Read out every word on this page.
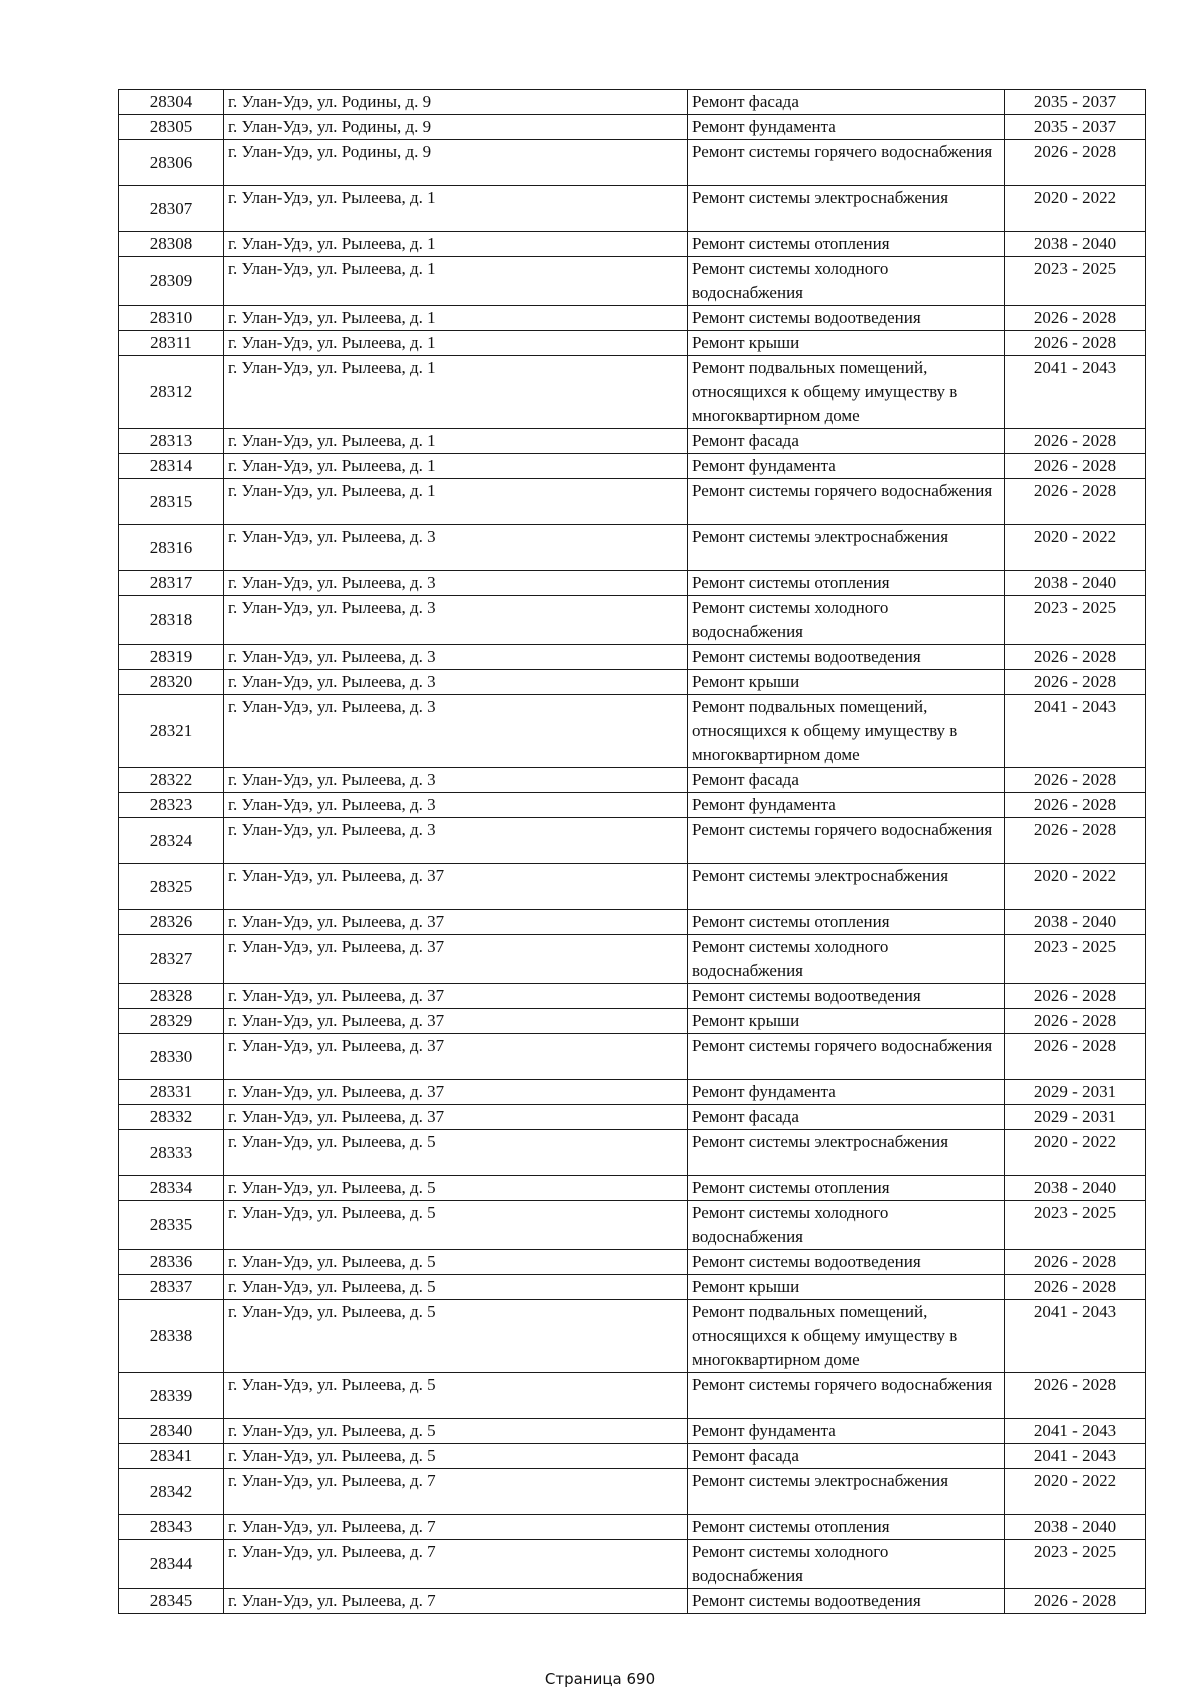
28304	г. Улан-Удэ, ул. Родины, д. 9	Ремонт фасада	2035 - 2037
28305	г. Улан-Удэ, ул. Родины, д. 9	Ремонт фундамента	2035 - 2037
28306	г. Улан-Удэ, ул. Родины, д. 9	Ремонт системы горячего водоснабжения	2026 - 2028
28307	г. Улан-Удэ, ул. Рылеева, д. 1	Ремонт системы электроснабжения	2020 - 2022
28308	г. Улан-Удэ, ул. Рылеева, д. 1	Ремонт системы отопления	2038 - 2040
28309	г. Улан-Удэ, ул. Рылеева, д. 1	Ремонт системы холодного водоснабжения	2023 - 2025
28310	г. Улан-Удэ, ул. Рылеева, д. 1	Ремонт системы водоотведения	2026 - 2028
28311	г. Улан-Удэ, ул. Рылеева, д. 1	Ремонт крыши	2026 - 2028
28312	г. Улан-Удэ, ул. Рылеева, д. 1	Ремонт подвальных помещений, относящихся к общему имуществу в многоквартирном доме	2041 - 2043
28313	г. Улан-Удэ, ул. Рылеева, д. 1	Ремонт фасада	2026 - 2028
28314	г. Улан-Удэ, ул. Рылеева, д. 1	Ремонт фундамента	2026 - 2028
28315	г. Улан-Удэ, ул. Рылеева, д. 1	Ремонт системы горячего водоснабжения	2026 - 2028
28316	г. Улан-Удэ, ул. Рылеева, д. 3	Ремонт системы электроснабжения	2020 - 2022
28317	г. Улан-Удэ, ул. Рылеева, д. 3	Ремонт системы отопления	2038 - 2040
28318	г. Улан-Удэ, ул. Рылеева, д. 3	Ремонт системы холодного водоснабжения	2023 - 2025
28319	г. Улан-Удэ, ул. Рылеева, д. 3	Ремонт системы водоотведения	2026 - 2028
28320	г. Улан-Удэ, ул. Рылеева, д. 3	Ремонт крыши	2026 - 2028
28321	г. Улан-Удэ, ул. Рылеева, д. 3	Ремонт подвальных помещений, относящихся к общему имуществу в многоквартирном доме	2041 - 2043
28322	г. Улан-Удэ, ул. Рылеева, д. 3	Ремонт фасада	2026 - 2028
28323	г. Улан-Удэ, ул. Рылеева, д. 3	Ремонт фундамента	2026 - 2028
28324	г. Улан-Удэ, ул. Рылеева, д. 3	Ремонт системы горячего водоснабжения	2026 - 2028
28325	г. Улан-Удэ, ул. Рылеева, д. 37	Ремонт системы электроснабжения	2020 - 2022
28326	г. Улан-Удэ, ул. Рылеева, д. 37	Ремонт системы отопления	2038 - 2040
28327	г. Улан-Удэ, ул. Рылеева, д. 37	Ремонт системы холодного водоснабжения	2023 - 2025
28328	г. Улан-Удэ, ул. Рылеева, д. 37	Ремонт системы водоотведения	2026 - 2028
28329	г. Улан-Удэ, ул. Рылеева, д. 37	Ремонт крыши	2026 - 2028
28330	г. Улан-Удэ, ул. Рылеева, д. 37	Ремонт системы горячего водоснабжения	2026 - 2028
28331	г. Улан-Удэ, ул. Рылеева, д. 37	Ремонт фундамента	2029 - 2031
28332	г. Улан-Удэ, ул. Рылеева, д. 37	Ремонт фасада	2029 - 2031
28333	г. Улан-Удэ, ул. Рылеева, д. 5	Ремонт системы электроснабжения	2020 - 2022
28334	г. Улан-Удэ, ул. Рылеева, д. 5	Ремонт системы отопления	2038 - 2040
28335	г. Улан-Удэ, ул. Рылеева, д. 5	Ремонт системы холодного водоснабжения	2023 - 2025
28336	г. Улан-Удэ, ул. Рылеева, д. 5	Ремонт системы водоотведения	2026 - 2028
28337	г. Улан-Удэ, ул. Рылеева, д. 5	Ремонт крыши	2026 - 2028
28338	г. Улан-Удэ, ул. Рылеева, д. 5	Ремонт подвальных помещений, относящихся к общему имуществу в многоквартирном доме	2041 - 2043
28339	г. Улан-Удэ, ул. Рылеева, д. 5	Ремонт системы горячего водоснабжения	2026 - 2028
28340	г. Улан-Удэ, ул. Рылеева, д. 5	Ремонт фундамента	2041 - 2043
28341	г. Улан-Удэ, ул. Рылеева, д. 5	Ремонт фасада	2041 - 2043
28342	г. Улан-Удэ, ул. Рылеева, д. 7	Ремонт системы электроснабжения	2020 - 2022
28343	г. Улан-Удэ, ул. Рылеева, д. 7	Ремонт системы отопления	2038 - 2040
28344	г. Улан-Удэ, ул. Рылеева, д. 7	Ремонт системы холодного водоснабжения	2023 - 2025
28345	г. Улан-Удэ, ул. Рылеева, д. 7	Ремонт системы водоотведения	2026 - 2028
Страница 690
